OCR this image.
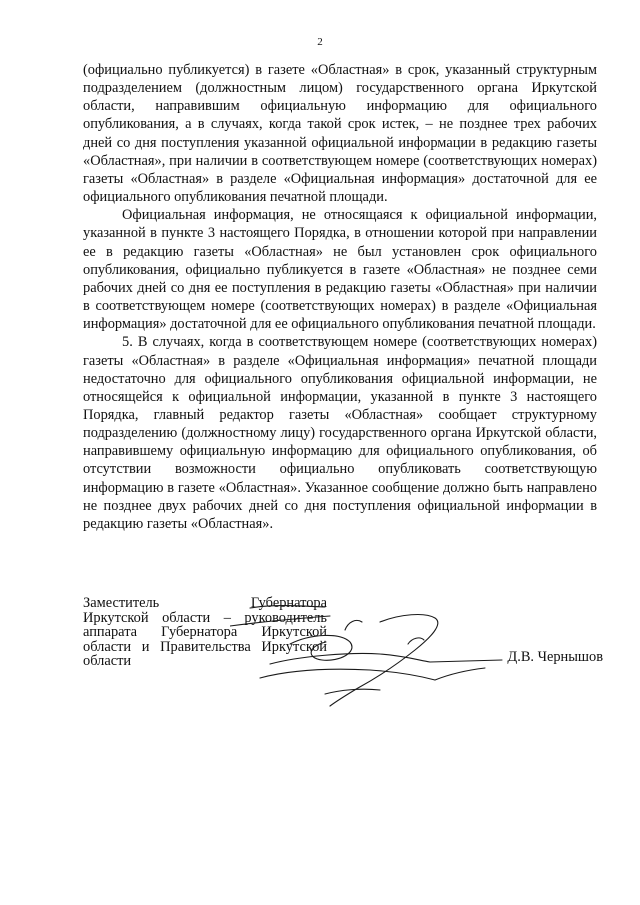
2

(официально публикуется) в газете «Областная» в срок, указанный структурным подразделением (должностным лицом) государственного органа Иркутской области, направившим официальную информацию для официального опубликования, а в случаях, когда такой срок истек, – не позднее трех рабочих дней со дня поступления указанной официальной информации в редакцию газеты «Областная», при наличии в соответствующем номере (соответствующих номерах) газеты «Областная» в разделе «Официальная информация» достаточной для ее официального опубликования печатной площади.

Официальная информация, не относящаяся к официальной информации, указанной в пункте 3 настоящего Порядка, в отношении которой при направлении ее в редакцию газеты «Областная» не был установлен срок официального опубликования, официально публикуется в газете «Областная» не позднее семи рабочих дней со дня ее поступления в редакцию газеты «Областная» при наличии в соответствующем номере (соответствующих номерах) в разделе «Официальная информация» достаточной для ее официального опубликования печатной площади.

5. В случаях, когда в соответствующем номере (соответствующих номерах) газеты «Областная» в разделе «Официальная информация» печатной площади недостаточно для официального опубликования официальной информации, не относящейся к официальной информации, указанной в пункте 3 настоящего Порядка, главный редактор газеты «Областная» сообщает структурному подразделению (должностному лицу) государственного органа Иркутской области, направившему официальную информацию для официального опубликования, об отсутствии возможности официально опубликовать соответствующую информацию в газете «Областная». Указанное сообщение должно быть направлено не позднее двух рабочих дней со дня поступления официальной информации в редакцию газеты «Областная».

Заместитель Губернатора
Иркутской области – руководитель
аппарата Губернатора Иркутской
области и Правительства Иркутской
области	Д.В. Чернышов
